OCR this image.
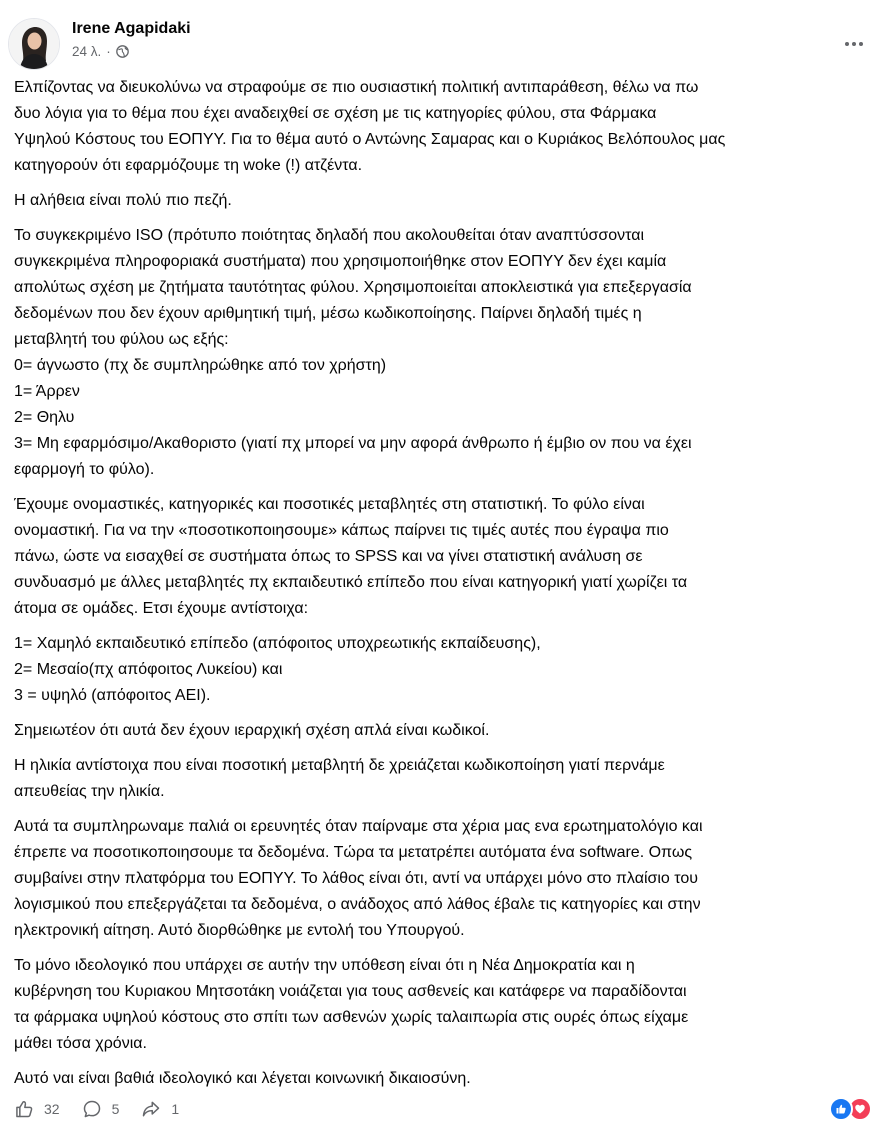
Irene Agapidaki
24 λ. ·

Ελπίζοντας να διευκολύνω να στραφούμε σε πιο ουσιαστική πολιτική αντιπαράθεση, θέλω να πω
δυο λόγια για το θέμα που έχει αναδειχθεί σε σχέση με τις κατηγορίες φύλου, στα Φάρμακα
Υψηλού Κόστους του ΕΟΠΥΥ. Για το θέμα αυτό ο Αντώνης Σαμαρας και ο Κυριάκος Βελόπουλος μας
κατηγορούν ότι εφαρμόζουμε τη woke (!) ατζέντα.

Η αλήθεια είναι πολύ πιο πεζή.

Το συγκεκριμένο ISO (πρότυπο ποιότητας δηλαδή που ακολουθείται όταν αναπτύσσονται
συγκεκριμένα πληροφοριακά συστήματα) που χρησιμοποιήθηκε στον ΕΟΠΥΥ δεν έχει καμία
απολύτως σχέση με ζητήματα ταυτότητας φύλου. Χρησιμοποιείται αποκλειστικά για επεξεργασία
δεδομένων που δεν έχουν αριθμητική τιμή, μέσω κωδικοποίησης. Παίρνει δηλαδή τιμές η
μεταβλητή του φύλου ως εξής:
0= άγνωστο (πχ δε συμπληρώθηκε από τον χρήστη)
1= Άρρεν
2= Θηλυ
3= Μη εφαρμόσιμο/Ακαθοριστο (γιατί πχ μπορεί να μην αφορά άνθρωπο ή έμβιο ον που να έχει
εφαρμογή το φύλο).

Έχουμε ονομαστικές, κατηγορικές και ποσοτικές μεταβλητές στη στατιστική. Το φύλο είναι
ονομαστική. Για να την «ποσοτικοποιησουμε» κάπως παίρνει τις τιμές αυτές που έγραψα πιο
πάνω, ώστε να εισαχθεί σε συστήματα όπως το SPSS και να γίνει στατιστική ανάλυση σε
συνδυασμό με άλλες μεταβλητές πχ εκπαιδευτικό επίπεδο που είναι κατηγορική γιατί χωρίζει τα
άτομα σε ομάδες. Ετσι έχουμε αντίστοιχα:

1= Χαμηλό εκπαιδευτικό επίπεδο (απόφοιτος υποχρεωτικής εκπαίδευσης),
2= Μεσαίο(πχ απόφοιτος Λυκείου) και
3 = υψηλό (απόφοιτος ΑΕΙ).

Σημειωτέον ότι αυτά δεν έχουν ιεραρχική σχέση απλά είναι κωδικοί.

Η ηλικία αντίστοιχα που είναι ποσοτική μεταβλητή δε χρειάζεται κωδικοποίηση γιατί περνάμε
απευθείας την ηλικία.

Αυτά τα συμπληρωναμε παλιά οι ερευνητές όταν παίρναμε στα χέρια μας ενα ερωτηματολόγιο και
έπρεπε να ποσοτικοποιησουμε τα δεδομένα. Τώρα τα μετατρέπει αυτόματα ένα software. Οπως
συμβαίνει στην πλατφόρμα του ΕΟΠΥΥ. Το λάθος είναι ότι, αντί να υπάρχει μόνο στο πλαίσιο του
λογισμικού που επεξεργάζεται τα δεδομένα, ο ανάδοχος από λάθος έβαλε τις κατηγορίες και στην
ηλεκτρονική αίτηση. Αυτό διορθώθηκε με εντολή του Υπουργού.

Το μόνο ιδεολογικό που υπάρχει σε αυτήν την υπόθεση είναι ότι η Νέα Δημοκρατία και η
κυβέρνηση του Κυριακου Μητσοτάκη νοιάζεται για τους ασθενείς και κατάφερε να παραδίδονται
τα φάρμακα υψηλού κόστους στο σπίτι των ασθενών χωρίς ταλαιπωρία στις ουρές όπως είχαμε
μάθει τόσα χρόνια.

Αυτό ναι είναι βαθιά ιδεολογικό και λέγεται κοινωνική δικαιοσύνη.

32	5	1
